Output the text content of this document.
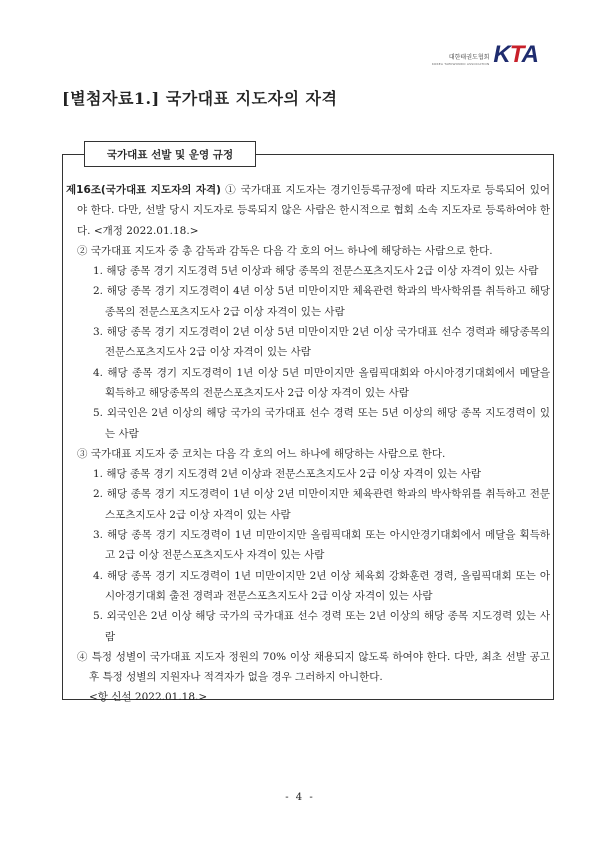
대한태권도협회
KOREA TAEKWONDO ASSOCIATION KTA
[별첨자료1.] 국가대표 지도자의 자격
국가대표 선발 및 운영 규정

제16조(국가대표 지도자의 자격) ① 국가대표 지도자는 경기인등록규정에 따라 지도자로 등록되어 있어야 한다. 다만, 선발 당시 지도자로 등록되지 않은 사람은 한시적으로 협회 소속 지도자로 등록하여야 한다. <개정 2022.01.18.>

② 국가대표 지도자 중 총 감독과 감독은 다음 각 호의 어느 하나에 해당하는 사람으로 한다.

1. 해당 종목 경기 지도경력 5년 이상과 해당 종목의 전문스포츠지도사 2급 이상 자격이 있는 사람

2. 해당 종목 경기 지도경력이 4년 이상 5년 미만이지만 체육관련 학과의 박사학위를 취득하고 해당종목의 전문스포츠지도사 2급 이상 자격이 있는 사람

3. 해당 종목 경기 지도경력이 2년 이상 5년 미만이지만 2년 이상 국가대표 선수 경력과 해당종목의 전문스포츠지도사 2급 이상 자격이 있는 사람

4. 해당 종목 경기 지도경력이 1년 이상 5년 미만이지만 올림픽대회와 아시아경기대회에서 메달을 획득하고 해당종목의 전문스포츠지도사 2급 이상 자격이 있는 사람

5. 외국인은 2년 이상의 해당 국가의 국가대표 선수 경력 또는 5년 이상의 해당 종목 지도경력이 있는 사람

③ 국가대표 지도자 중 코치는 다음 각 호의 어느 하나에 해당하는 사람으로 한다.

1. 해당 종목 경기 지도경력 2년 이상과 전문스포츠지도사 2급 이상 자격이 있는 사람

2. 해당 종목 경기 지도경력이 1년 이상 2년 미만이지만 체육관련 학과의 박사학위를 취득하고 전문스포츠지도사 2급 이상 자격이 있는 사람

3. 해당 종목 경기 지도경력이 1년 미만이지만 올림픽대회 또는 아시안경기대회에서 메달을 획득하고 2급 이상 전문스포츠지도사 자격이 있는 사람

4. 해당 종목 경기 지도경력이 1년 미만이지만 2년 이상 체육회 강화훈련 경력, 올림픽대회 또는 아시아경기대회 출전 경력과 전문스포츠지도사 2급 이상 자격이 있는 사람

5. 외국인은 2년 이상 해당 국가의 국가대표 선수 경력 또는 2년 이상의 해당 종목 지도경력 있는 사람

④ 특정 성별이 국가대표 지도자 정원의 70% 이상 채용되지 않도록 하여야 한다. 다만, 최초 선발 공고 후 특정 성별의 지원자나 적격자가 없을 경우 그러하지 아니한다.
<항 신설 2022.01.18.>

- 4 -
